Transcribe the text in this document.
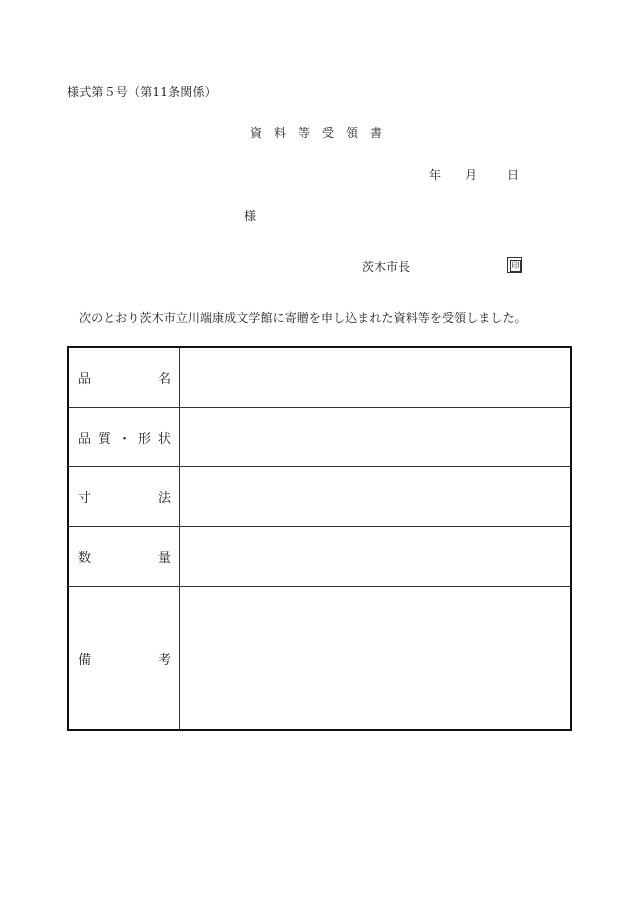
様式第５号（第11条関係）
資　料　等　受　領　書
年 月	日
様
茨木市長	印
次のとおり茨木市立川端康成文学館に寄贈を申し込まれた資料等を受領しました。
品 名	

品 質 ・ 形 状	

寸 法	

数 量	

備 考	
